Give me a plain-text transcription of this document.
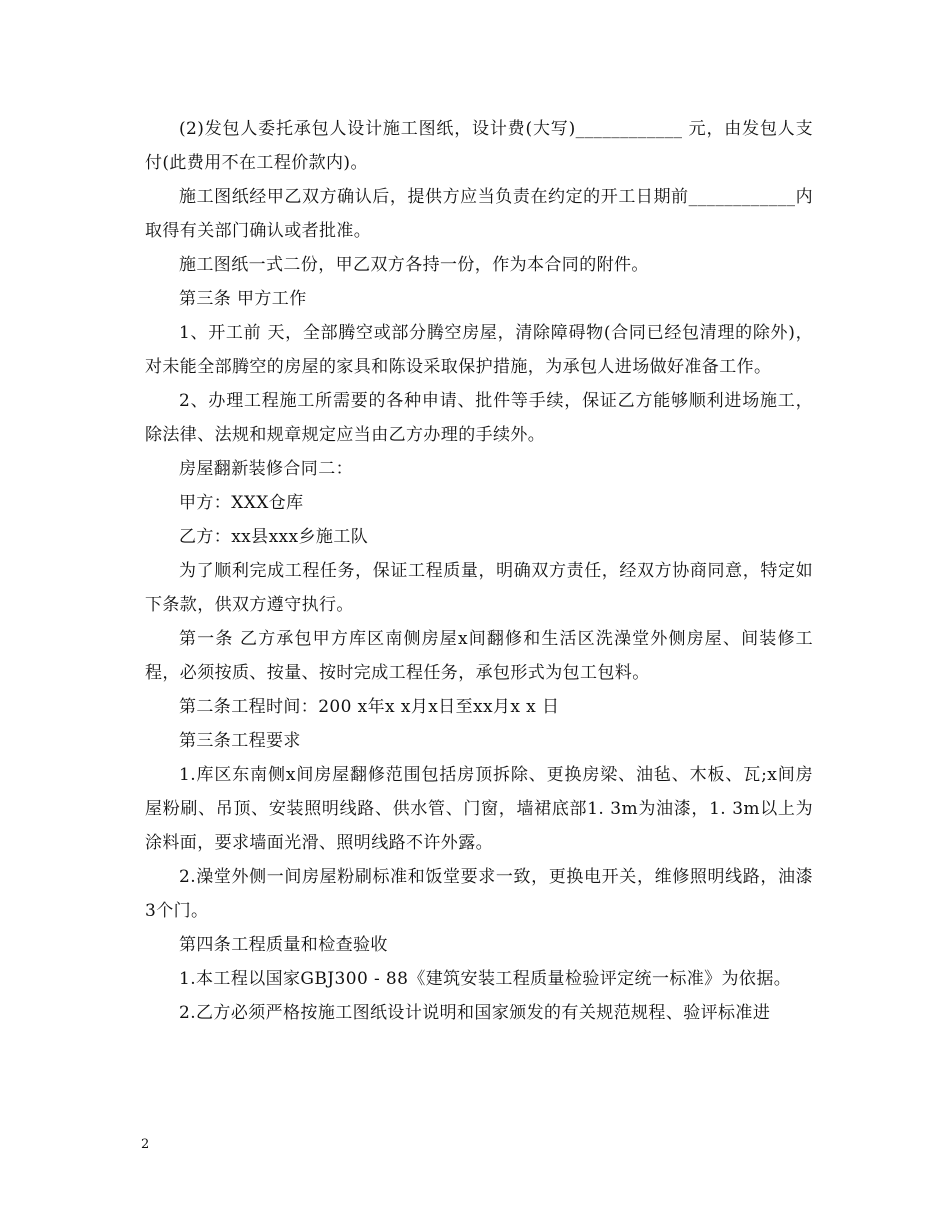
(2)发包人委托承包人设计施工图纸，设计费(大写)____________ 元，由发包人支付(此费用不在工程价款内)。

施工图纸经甲乙双方确认后，提供方应当负责在约定的开工日期前____________内取得有关部门确认或者批准。

施工图纸一式二份，甲乙双方各持一份，作为本合同的附件。

第三条 甲方工作

1、开工前 天，全部腾空或部分腾空房屋，清除障碍物(合同已经包清理的除外)，对未能全部腾空的房屋的家具和陈设采取保护措施，为承包人进场做好准备工作。

2、办理工程施工所需要的各种申请、批件等手续，保证乙方能够顺利进场施工，除法律、法规和规章规定应当由乙方办理的手续外。

房屋翻新装修合同二：

甲方：XXX仓库

乙方：xx县xxx乡施工队

为了顺利完成工程任务，保证工程质量，明确双方责任，经双方协商同意，特定如下条款，供双方遵守执行。

第一条 乙方承包甲方库区南侧房屋x间翻修和生活区洗澡堂外侧房屋、间装修工程，必须按质、按量、按时完成工程任务，承包形式为包工包料。

第二条工程时间：200 x年x x月x日至xx月x x 日

第三条工程要求

1.库区东南侧x间房屋翻修范围包括房顶拆除、更换房梁、油毡、木板、瓦;x间房屋粉刷、吊顶、安装照明线路、供水管、门窗，墙裙底部1. 3m为油漆，1. 3m以上为涂料面，要求墙面光滑、照明线路不许外露。

2.澡堂外侧一间房屋粉刷标准和饭堂要求一致，更换电开关，维修照明线路，油漆3个门。

第四条工程质量和检查验收

1.本工程以国家GBJ300 - 88《建筑安装工程质量检验评定统一标准》为依据。

2.乙方必须严格按施工图纸设计说明和国家颁发的有关规范规程、验评标准进

2
